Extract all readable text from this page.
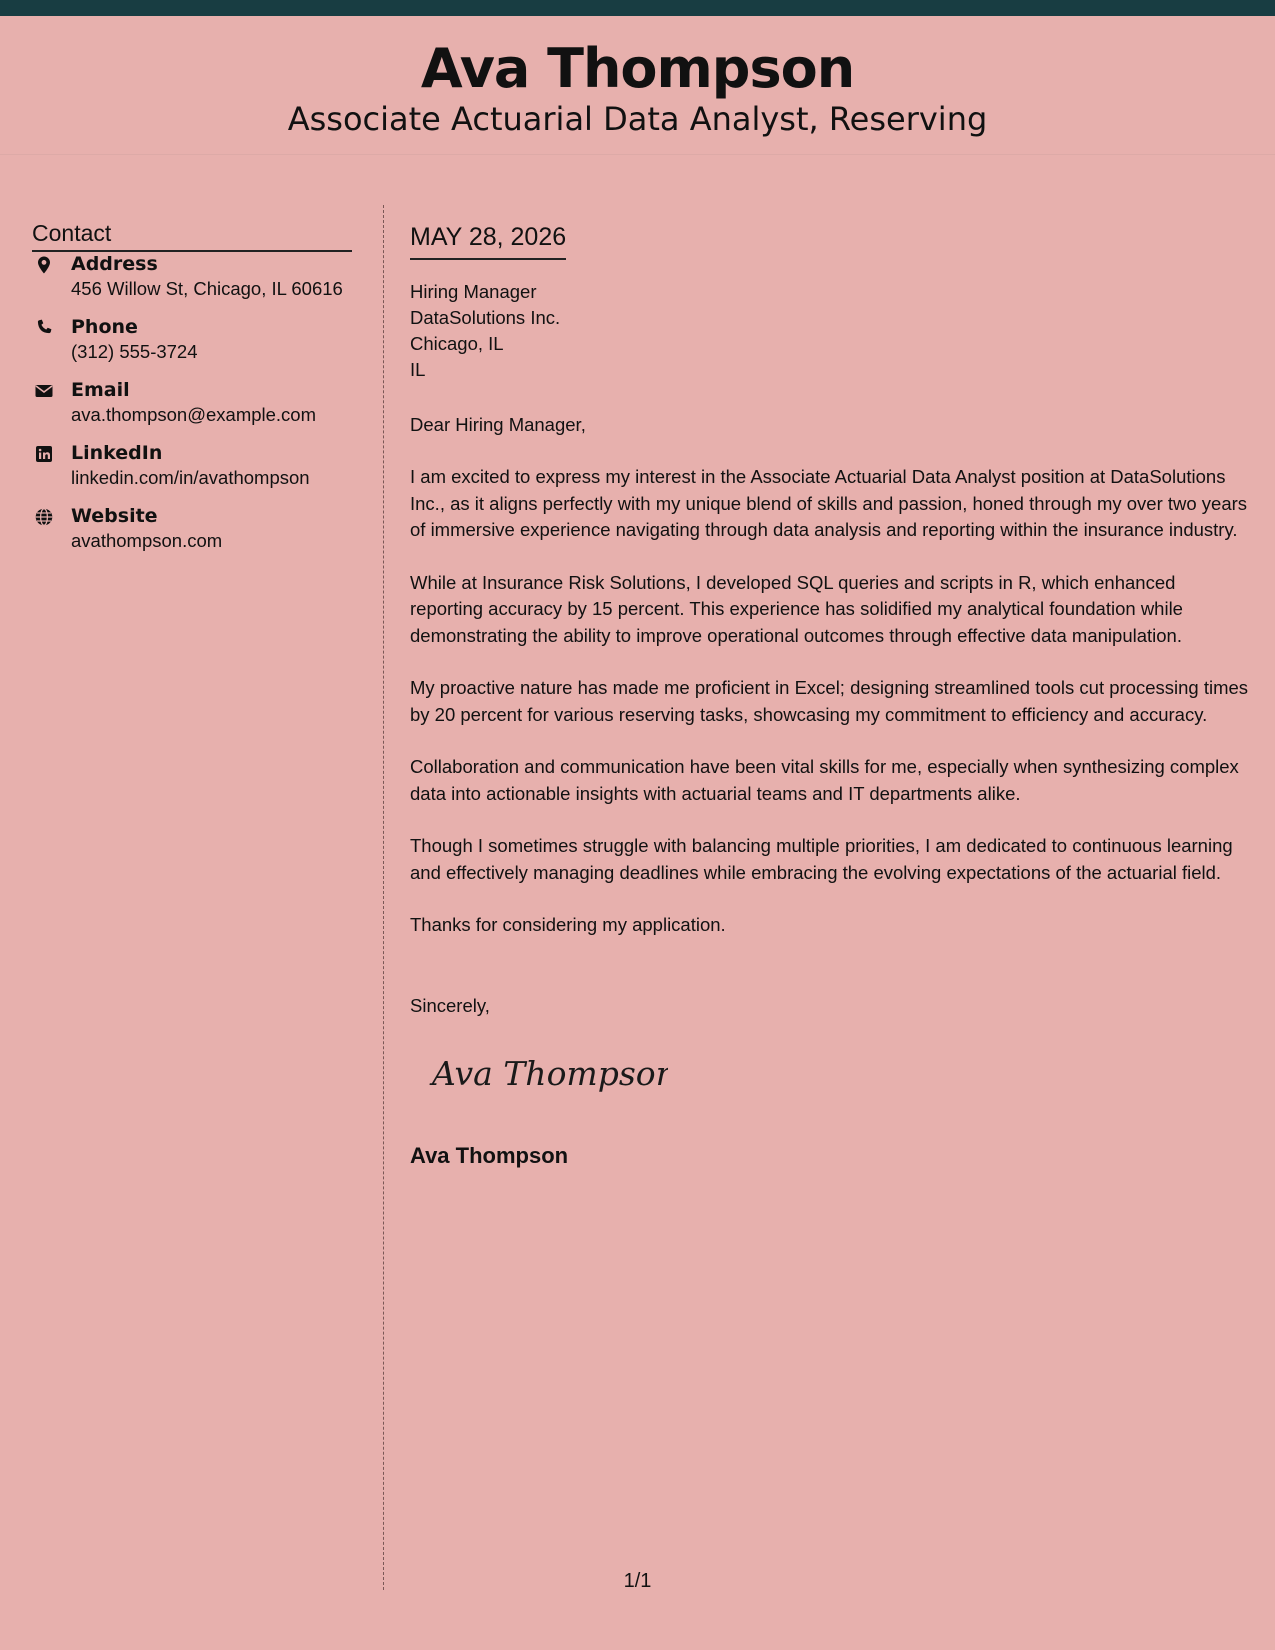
Ava Thompson
Associate Actuarial Data Analyst, Reserving
Contact
Address
456 Willow St, Chicago, IL 60616
Phone
(312) 555-3724
Email
ava.thompson@example.com
LinkedIn
linkedin.com/in/avathompson
Website
avathompson.com
MAY 28, 2026
Hiring Manager
DataSolutions Inc.
Chicago, IL
IL
Dear Hiring Manager,
I am excited to express my interest in the Associate Actuarial Data Analyst position at DataSolutions Inc., as it aligns perfectly with my unique blend of skills and passion, honed through my over two years of immersive experience navigating through data analysis and reporting within the insurance industry.
While at Insurance Risk Solutions, I developed SQL queries and scripts in R, which enhanced reporting accuracy by 15 percent. This experience has solidified my analytical foundation while demonstrating the ability to improve operational outcomes through effective data manipulation.
My proactive nature has made me proficient in Excel; designing streamlined tools cut processing times by 20 percent for various reserving tasks, showcasing my commitment to efficiency and accuracy.
Collaboration and communication have been vital skills for me, especially when synthesizing complex data into actionable insights with actuarial teams and IT departments alike.
Though I sometimes struggle with balancing multiple priorities, I am dedicated to continuous learning and effectively managing deadlines while embracing the evolving expectations of the actuarial field.
Thanks for considering my application.
Sincerely,
Ava Thompson
Ava Thompson
1/1
